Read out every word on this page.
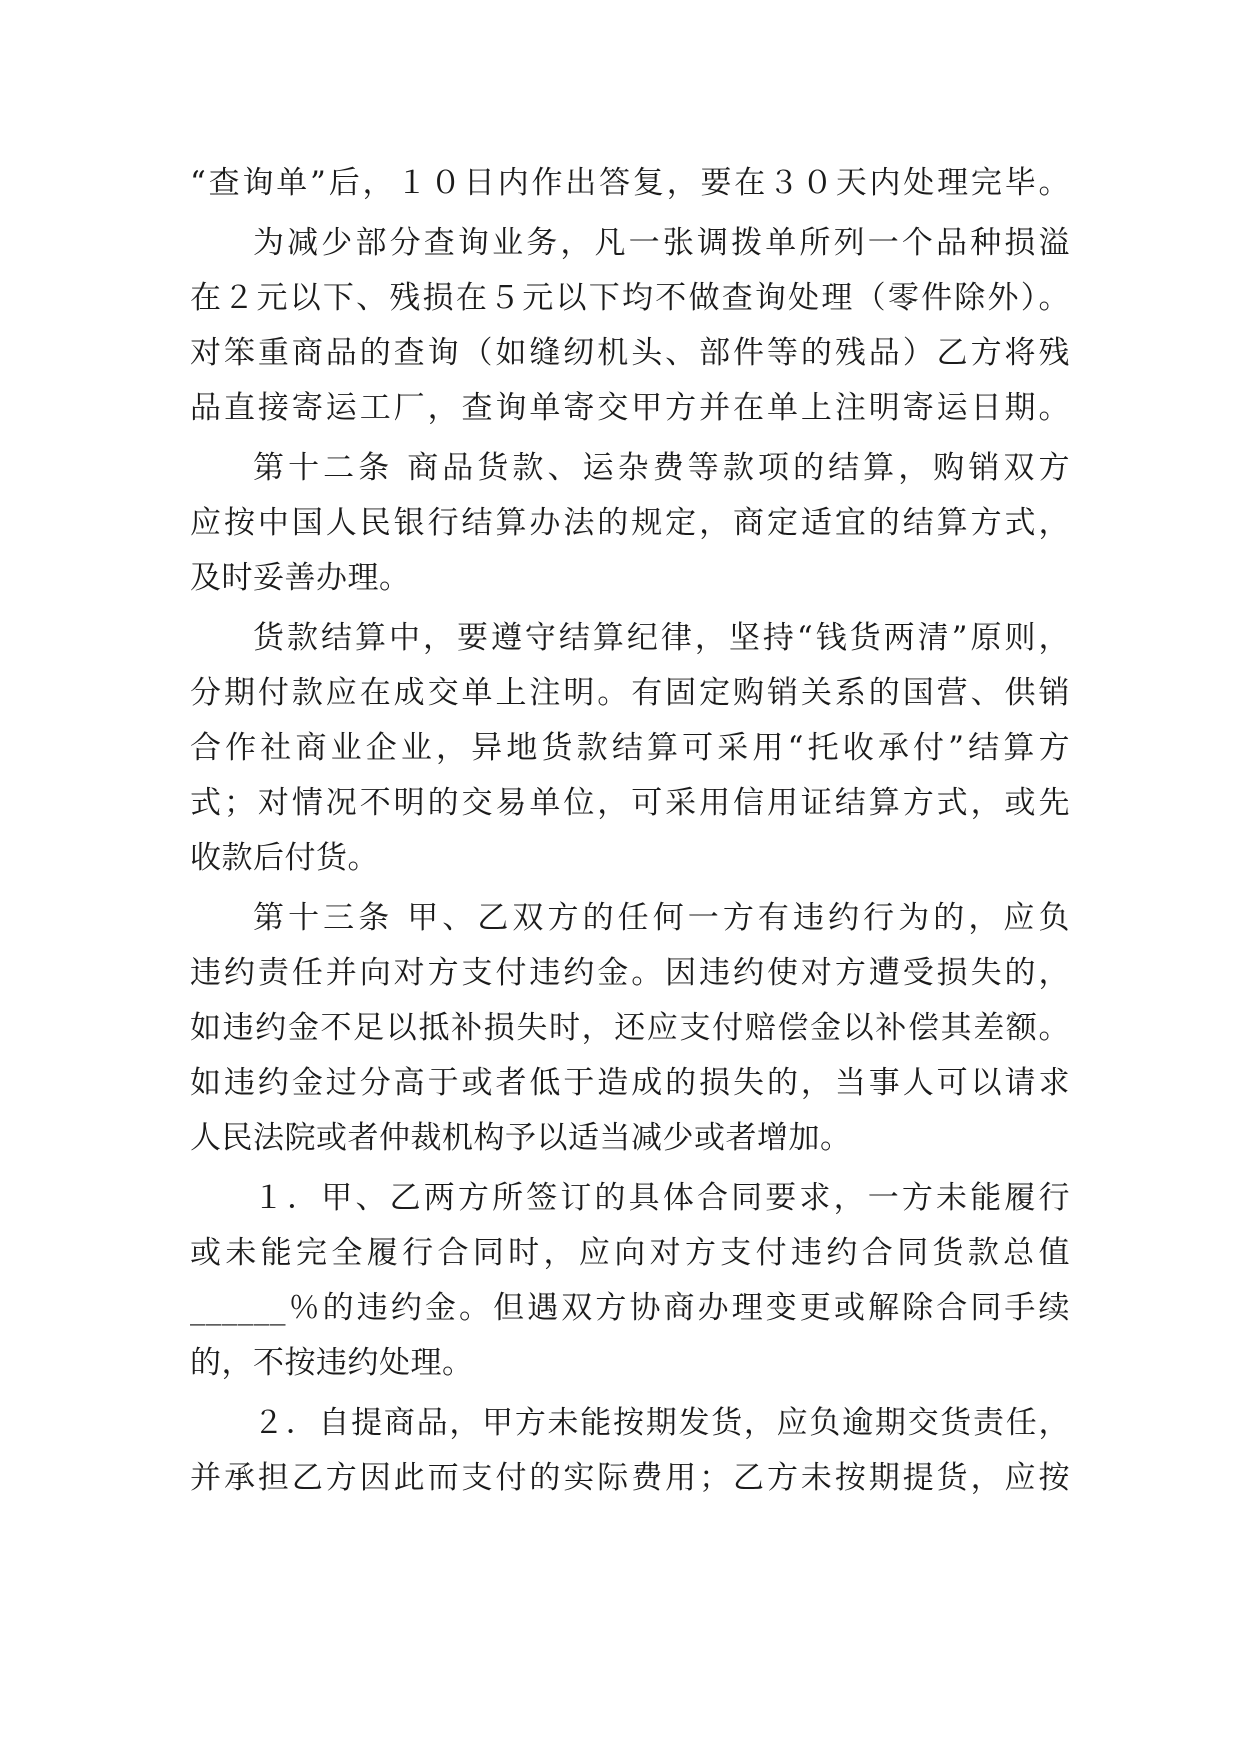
“查询单”后，１０日内作出答复，要在３０天内处理完毕。

为减少部分查询业务，凡一张调拨单所列一个品种损溢

在２元以下、残损在５元以下均不做查询处理（零件除外）。

对笨重商品的查询（如缝纫机头、部件等的残品）乙方将残

品直接寄运工厂，查询单寄交甲方并在单上注明寄运日期。

第十二条 商品货款、运杂费等款项的结算，购销双方

应按中国人民银行结算办法的规定，商定适宜的结算方式，

及时妥善办理。

货款结算中，要遵守结算纪律，坚持“钱货两清”原则，

分期付款应在成交单上注明。有固定购销关系的国营、供销

合作社商业企业，异地货款结算可采用“托收承付”结算方

式；对情况不明的交易单位，可采用信用证结算方式，或先

收款后付货。

第十三条 甲、乙双方的任何一方有违约行为的，应负

违约责任并向对方支付违约金。因违约使对方遭受损失的，

如违约金不足以抵补损失时，还应支付赔偿金以补偿其差额。

如违约金过分高于或者低于造成的损失的，当事人可以请求

人民法院或者仲裁机构予以适当减少或者增加。

１．甲、乙两方所签订的具体合同要求，一方未能履行

或未能完全履行合同时，应向对方支付违约合同货款总值

______％的违约金。但遇双方协商办理变更或解除合同手续

的，不按违约处理。

２．自提商品，甲方未能按期发货，应负逾期交货责任，

并承担乙方因此而支付的实际费用；乙方未按期提货，应按
